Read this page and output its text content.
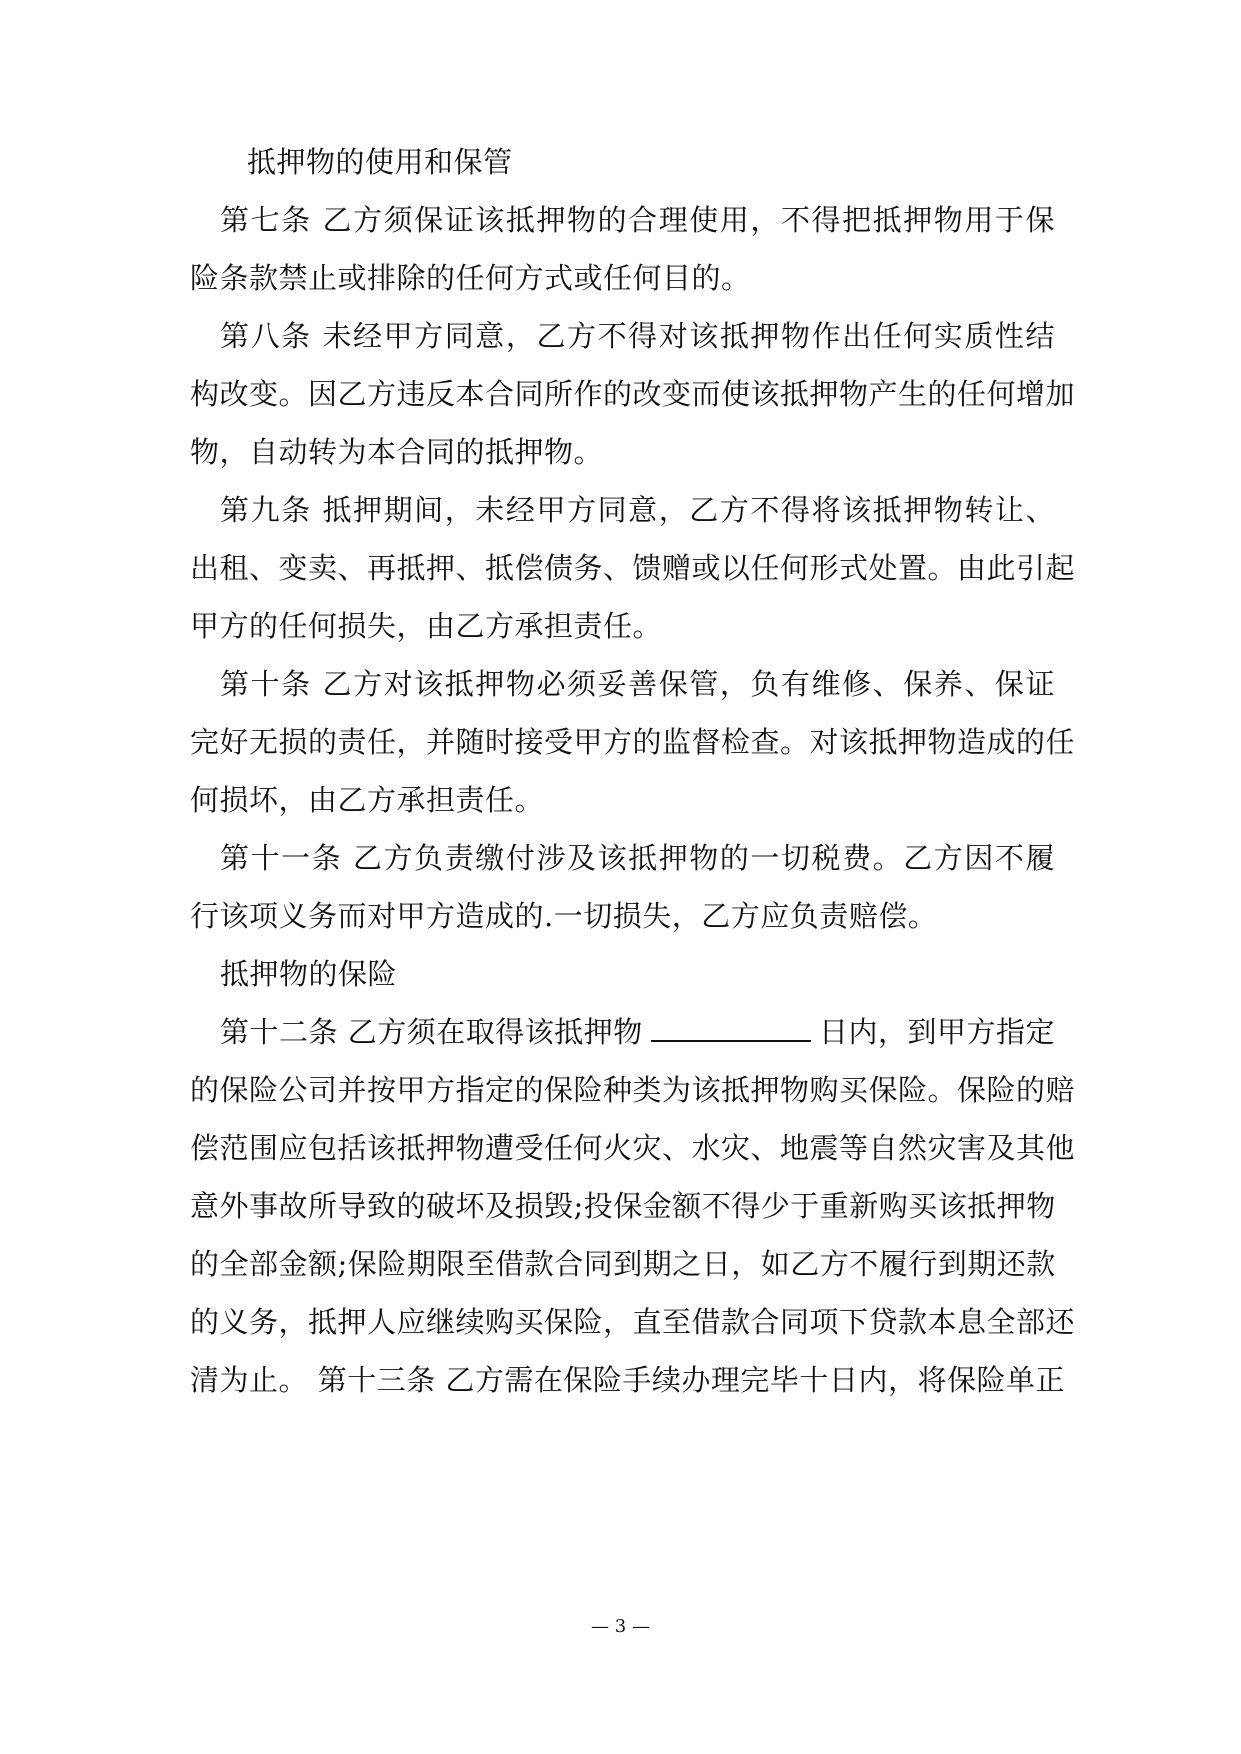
抵押物的使用和保管
第七条 乙方须保证该抵押物的合理使用，不得把抵押物用于保
险条款禁止或排除的任何方式或任何目的。
第八条 未经甲方同意，乙方不得对该抵押物作出任何实质性结
构改变。因乙方违反本合同所作的改变而使该抵押物产生的任何增加
物，自动转为本合同的抵押物。
第九条 抵押期间，未经甲方同意，乙方不得将该抵押物转让、
出租、变卖、再抵押、抵偿债务、馈赠或以任何形式处置。由此引起
甲方的任何损失，由乙方承担责任。
第十条 乙方对该抵押物必须妥善保管，负有维修、保养、保证
完好无损的责任，并随时接受甲方的监督检查。对该抵押物造成的任
何损坏，由乙方承担责任。
第十一条 乙方负责缴付涉及该抵押物的一切税费。乙方因不履
行该项义务而对甲方造成的.一切损失，乙方应负责赔偿。
抵押物的保险
第十二条 乙方须在取得该抵押物	日内，到甲方指定
的保险公司并按甲方指定的保险种类为该抵押物购买保险。保险的赔
偿范围应包括该抵押物遭受任何火灾、水灾、地震等自然灾害及其他
意外事故所导致的破坏及损毁;投保金额不得少于重新购买该抵押物
的全部金额;保险期限至借款合同到期之日，如乙方不履行到期还款
的义务，抵押人应继续购买保险，直至借款合同项下贷款本息全部还
清为止。 第十三条 乙方需在保险手续办理完毕十日内，将保险单正
— 3 —
